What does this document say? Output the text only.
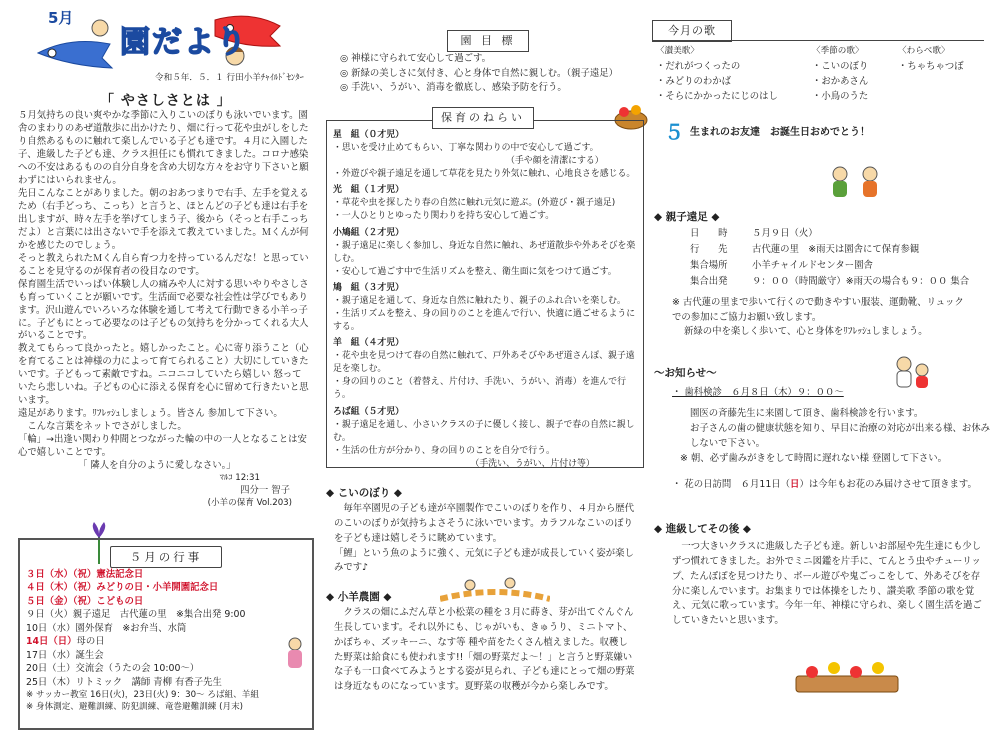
5月
園だより
令和５年．５．１ 行田小羊ﾁｬｲﾙﾄﾞｾﾝﾀｰ
「 やさしさとは 」

５月気持ちの良い爽やかな季節に入りこいのぼりも泳いでいます。園舎のまわりのあぜ道散歩に出かけたり、畑に行って花や虫がしをしたり自然あるものに触れて楽しんでいる子ども達です。４月に入園した子、進級した子ども達、クラス担任にも慣れてきました。コロナ感染への不安はあるものの自分自身を含め大切な方々をお守り下さいと願わずにはいられません。

先日こんなことがありました。朝のおあつまりで右手、左手を覚えるため（右手どっち、こっち）と言うと、ほとんどの子ども達は右手を出しますが、時々左手を挙げてしまう子、後から（そっと右手こっちだよ）と言葉には出さないで手を添えて教えていました。Ｍくんが何かを感じたのでしょう。

そっと教えられたＭくん自ら育つ力を持っているんだな！と思っていることを見守るのが保育者の役目なのです。

保育園生活でいっぱい体験し人の痛みや人に対する思いやりやさしさも育っていくことが願いです。生活面で必要な社会性は学びでもあります。沢山遊んでいろいろな体験を通して考えて行動できる小羊っ子に。子どもにとって必要なのは子どもの気持ちを分かってくれる大人がいることです。

教えてもらって良かったと。嬉しかったこと。心に寄り添うこと（心を育てることは神様の力によって育てられること）大切にしていきたいです。子どもって素敵ですね。ニコニコしていたら嬉しい 怒っていたら悲しいね。子どもの心に添える保育を心に留めて行きたいと思います。

遠足があります。ﾘﾌﾚｯｼｭしましょう。皆さん 参加して下さい。

　こんな言葉をネットでさがしました。

「輪」→出逢い関わり仲間とつながった輪の中の一人となることは安心で嬉しいことです。

「 隣人を自分のように愛しなさい。」

ﾏﾙｺ 12:31

四分一 智子

(小羊の保育 Vol.203)

５月の行事
３日（水）（祝）憲法記念日
４日（木）（祝）みどりの日・小羊開園記念日
５日（金）（祝）こどもの日
９日（火）親子遠足　古代蓮の里　※集合出発 9:00
10日（水）園外保育　※お弁当、水筒
14日（日）母の日
17日（水）誕生会
20日（土）交流会（うたの会 10:00～）
25日（木）リトミック　講師 青柳 有香子先生
※ サッカー教室 16日(火)，23日(火) 9：30～ ろば組、羊組
※ 身体測定、避難訓練、防犯訓練、竜巻避難訓練 (月末)
園 目 標
◎ 神様に守られて安心して過ごす。
◎ 新緑の美しさに気付き、心と身体で自然に親しむ。（親子遠足）
◎ 手洗い、うがい、消毒を徹底し、感染予防を行う。
保育のねらい
星　組（０才児）
・思いを受け止めてもらい、丁寧な関わりの中で安心して過ごす。
　　　　　　　　　　　　　　　　　　　　（手や顔を清潔にする）
・外遊びや親子遠足を通して草花を見たり外気に触れ、心地良さを感じる。
光　組（１才児）
・草花や虫を探したり春の自然に触れ元気に遊ぶ。(外遊び・親子遠足)
・一人ひとりとゆったり関わりを持ち安心して過ごす。
小鳩組（２才児）
・親子遠足に楽しく参加し、身近な自然に触れ、あぜ道散歩や外あそびを楽しむ。
・安心して過ごす中で生活リズムを整え、衛生面に気をつけて過ごす。
鳩　組（３才児）
・親子遠足を通して、身近な自然に触れたり、親子のふれ合いを楽しむ。
・生活リズムを整え、身の回りのことを進んで行い、快適に過ごせるようにする。
羊　組（４才児）
・花や虫を見つけて春の自然に触れて、戸外あそびやあぜ道さんぽ、親子遠足を楽しむ。
・身の回りのこと（着替え、片付け、手洗い、うがい、消毒）を進んで行う。
ろば組（５才児）
・親子遠足を通し、小さいクラスの子に優しく接し、親子で春の自然に親しむ。
・生活の仕方が分かり、身の回りのことを自分で行う。
　　　　　　　　　　　　　　　　（手洗い、うがい、片付け等）
◆ こいのぼり ◆

　毎年卒園児の子ども達が卒園製作でこいのぼりを作り、４月から歴代のこいのぼりが気持ちよさそうに泳いでいます。カラフルなこいのぼりを子ども達は嬉しそうに眺めています。

「鯉」という魚のように強く、元気に子ども達が成長していく姿が楽しみです♪

◆ 小羊農園 ◆

　クラスの畑にふだん草と小松菜の種を３月に蒔き、芽が出てぐんぐん生長しています。それ以外にも、じゃがいも、きゅうり、ミニトマト、かぼちゃ、ズッキーニ、なす等 種や苗をたくさん植えました。収穫した野菜は給食にも使われます!!「畑の野菜だよ～！」と言うと野菜嫌いな子も一口食べてみようとする姿が見られ、子ども達にとって畑の野菜は身近なものになっています。夏野菜の収穫が今から楽しみです。

今月の歌
〈讃美歌〉
・だれがつくったの
・みどりのわかば
・そらにかかったにじのはし
〈季節の歌〉
・こいのぼり
・おかあさん
・小鳥のうた
〈わらべ歌〉
・ちゃちゃつぼ
５ 生まれのお友達　お誕生日おめでとう！
◆ 親子遠足 ◆
日　　時	５月９日（火）
行　　先	古代蓮の里　※雨天は園舎にて保育参観
集合場所	小羊チャイルドセンター園舎
集合出発	９：００（時間厳守）※雨天の場合も９：００ 集合

※ 古代蓮の里まで歩いて行くので動きやすい服装、運動靴、リュックでの参加にご協力お願い致します。

新緑の中を楽しく歩いて、心と身体をﾘﾌﾚｯｼｭしましょう。

～お知らせ～
・ 歯科検診　６月８日（木）９：００～

園医の斉藤先生に来園して頂き、歯科検診を行います。

お子さんの歯の健康状態を知り、早目に治療の対応が出来る様、お休みしないで下さい。

※ 朝、必ず歯みがきをして時間に遅れない様 登園して下さい。

・ 花の日訪問　６月11日（日）は今年もお花のみ届けさせて頂きます。
◆ 進級してその後 ◆

　一つ大きいクラスに進級した子ども達。新しいお部屋や先生達にも少しずつ慣れてきました。お外でミニ図鑑を片手に、てんとう虫やチューリップ、たんぽぽを見つけたり、ボール遊びや鬼ごっこをして、外あそびを存分に楽しんでいます。お集まりでは体操をしたり、讃美歌 季節の歌を覚え、元気に歌っています。今年一年、神様に守られ、楽しく園生活を過ごしていきたいと思います。
